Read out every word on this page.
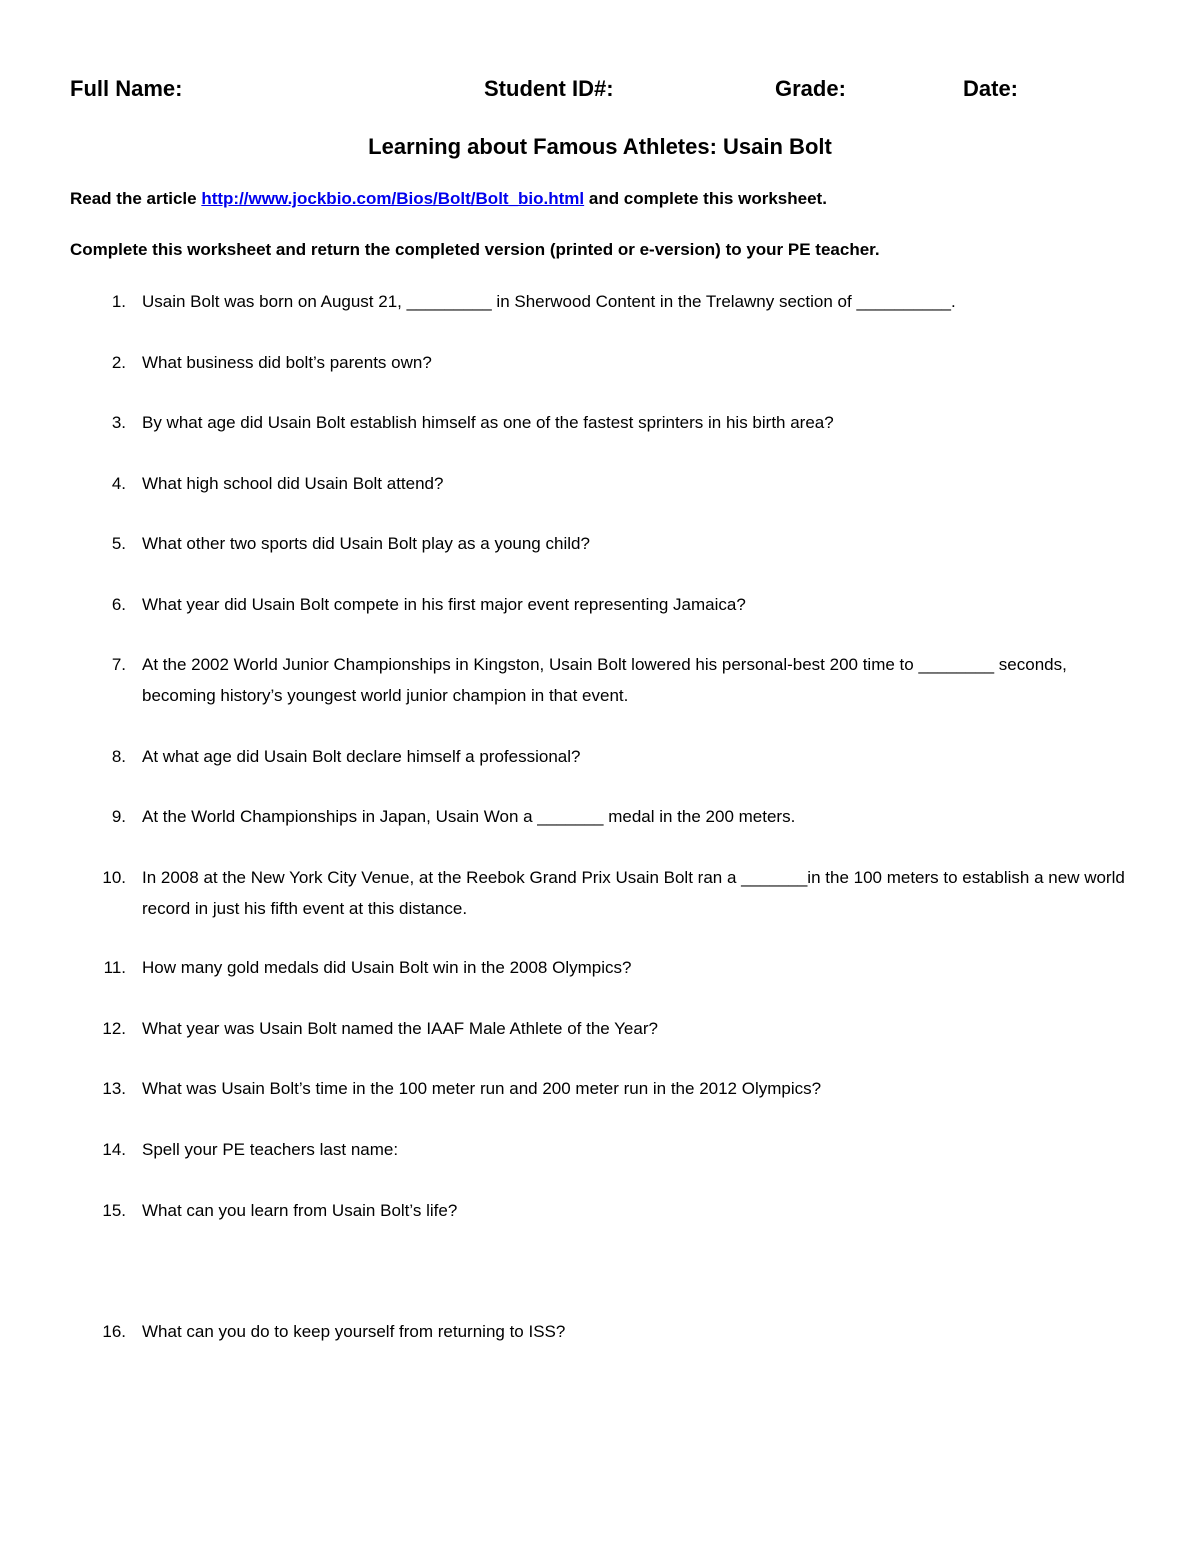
Full Name:	Student ID#:	Grade:	Date:
Learning about Famous Athletes: Usain Bolt
Read the article http://www.jockbio.com/Bios/Bolt/Bolt_bio.html and complete this worksheet.
Complete this worksheet and return the completed version (printed or e-version) to your PE teacher.
1. Usain Bolt was born on August 21, _________ in Sherwood Content in the Trelawny section of __________.
2. What business did bolt’s parents own?
3. By what age did Usain Bolt establish himself as one of the fastest sprinters in his birth area?
4. What high school did Usain Bolt attend?
5. What other two sports did Usain Bolt play as a young child?
6. What year did Usain Bolt compete in his first major event representing Jamaica?
7. At the 2002 World Junior Championships in Kingston, Usain Bolt lowered his personal-best 200 time to ________ seconds, becoming history’s youngest world junior champion in that event.
8. At what age did Usain Bolt declare himself a professional?
9. At the World Championships in Japan, Usain Won a _______ medal in the 200 meters.
10. In 2008 at the New York City Venue, at the Reebok Grand Prix Usain Bolt ran a _______in the 100 meters to establish a new world record in just his fifth event at this distance.
11. How many gold medals did Usain Bolt win in the 2008 Olympics?
12. What year was Usain Bolt named the IAAF Male Athlete of the Year?
13. What was Usain Bolt’s time in the 100 meter run and 200 meter run in the 2012 Olympics?
14. Spell your PE teachers last name:
15. What can you learn from Usain Bolt’s life?
16. What can you do to keep yourself from returning to ISS?
